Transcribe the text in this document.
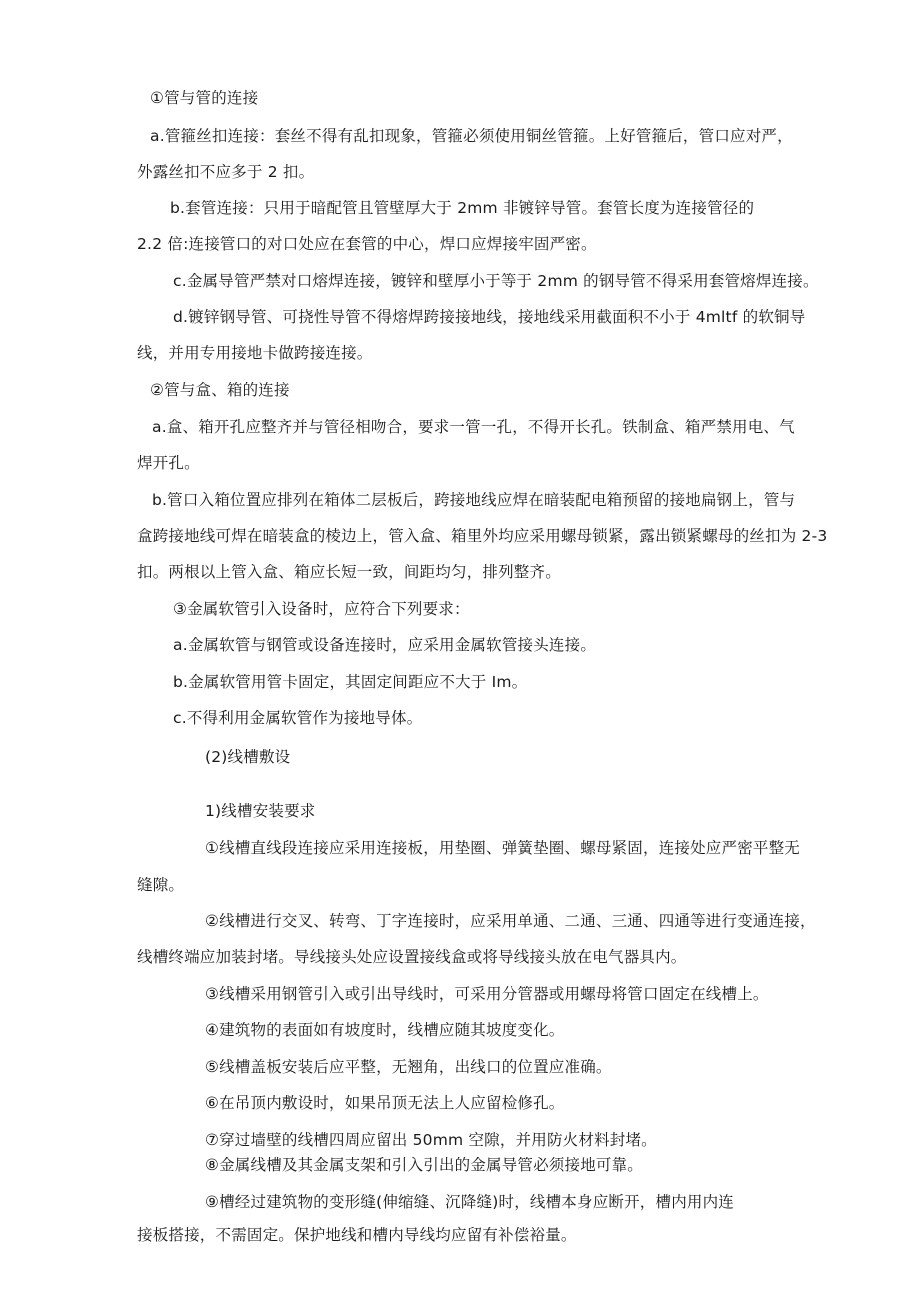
①管与管的连接
a.管箍丝扣连接：套丝不得有乱扣现象，管箍必须使用铜丝管箍。上好管箍后，管口应对严，
外露丝扣不应多于 2 扣。
b.套管连接：只用于暗配管且管壁厚大于 2mm 非镀锌导管。套管长度为连接管径的
2.2 倍:连接管口的对口处应在套管的中心，焊口应焊接牢固严密。
c.金属导管严禁对口熔焊连接，镀锌和壁厚小于等于 2mm 的钢导管不得采用套管熔焊连接。
d.镀锌钢导管、可挠性导管不得熔焊跨接接地线，接地线采用截面积不小于 4mltf 的软铜导
线，并用专用接地卡做跨接连接。
②管与盒、箱的连接
a.盒、箱开孔应整齐并与管径相吻合，要求一管一孔，不得开长孔。铁制盒、箱严禁用电、气
焊开孔。
b.管口入箱位置应排列在箱体二层板后，跨接地线应焊在暗装配电箱预留的接地扁钢上，管与
盒跨接地线可焊在暗装盒的棱边上，管入盒、箱里外均应采用螺母锁紧，露出锁紧螺母的丝扣为 2-3
扣。两根以上管入盒、箱应长短一致，间距均匀，排列整齐。
③金属软管引入设备时，应符合下列要求：
a.金属软管与钢管或设备连接时，应采用金属软管接头连接。
b.金属软管用管卡固定，其固定间距应不大于 Im。
c.不得利用金属软管作为接地导体。
(2)线槽敷设
1)线槽安装要求
①线槽直线段连接应采用连接板，用垫圈、弹簧垫圈、螺母紧固，连接处应严密平整无
缝隙。
②线槽进行交叉、转弯、丁字连接时，应采用单通、二通、三通、四通等进行变通连接，
线槽终端应加装封堵。导线接头处应设置接线盒或将导线接头放在电气器具内。
③线槽采用钢管引入或引出导线时，可采用分管器或用螺母将管口固定在线槽上。
④建筑物的表面如有坡度时，线槽应随其坡度变化。
⑤线槽盖板安装后应平整，无翘角，出线口的位置应准确。
⑥在吊顶内敷设时，如果吊顶无法上人应留检修孔。
⑦穿过墙壁的线槽四周应留出 50mm 空隙，并用防火材料封堵。
⑧金属线槽及其金属支架和引入引出的金属导管必须接地可靠。
⑨槽经过建筑物的变形缝(伸缩缝、沉降缝)时，线槽本身应断开，槽内用内连
接板搭接，不需固定。保护地线和槽内导线均应留有补偿裕量。
